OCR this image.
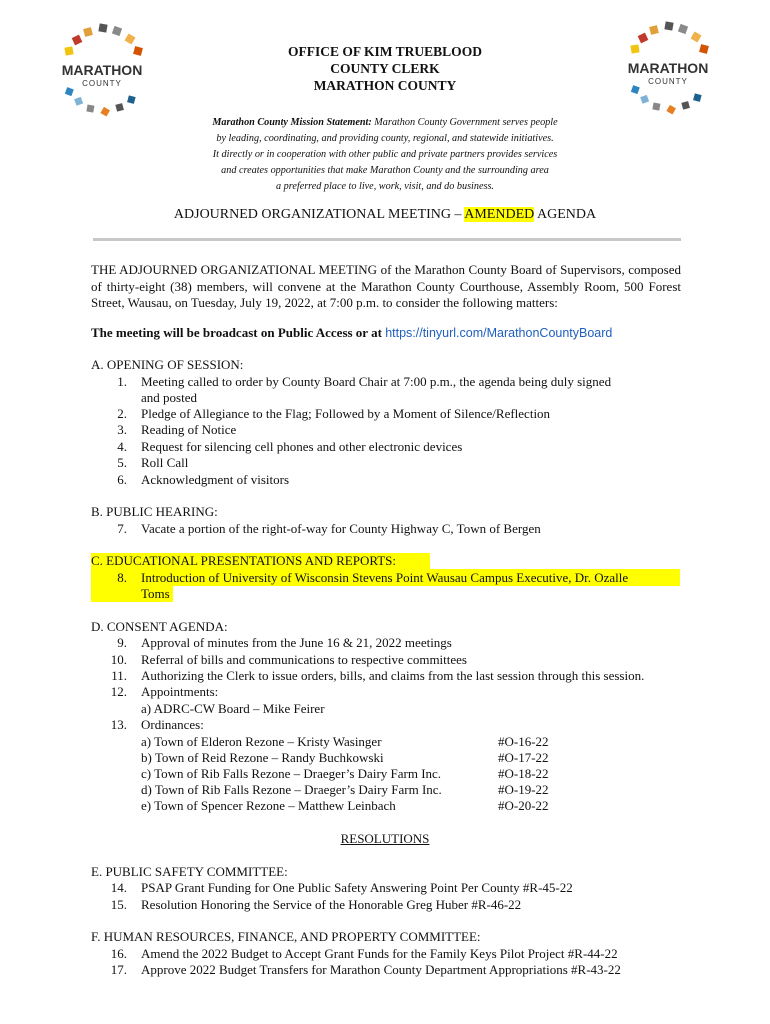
MARATHON
COUNTY
MARATHON
COUNTY
OFFICE OF KIM TRUEBLOOD
COUNTY CLERK
MARATHON COUNTY
Marathon County Mission Statement: Marathon County Government serves people
by leading, coordinating, and providing county, regional, and statewide initiatives.
It directly or in cooperation with other public and private partners provides services
and creates opportunities that make Marathon County and the surrounding area
a preferred place to live, work, visit, and do business.
ADJOURNED ORGANIZATIONAL MEETING – AMENDED AGENDA
THE ADJOURNED ORGANIZATIONAL MEETING of the Marathon County Board of Supervisors, composed of thirty-eight (38) members, will convene at the Marathon County Courthouse, Assembly Room, 500 Forest Street, Wausau, on Tuesday, July 19, 2022, at 7:00 p.m. to consider the following matters:
The meeting will be broadcast on Public Access or at https://tinyurl.com/MarathonCountyBoard
A. OPENING OF SESSION:
1. Meeting called to order by County Board Chair at 7:00 p.m., the agenda being duly signed
and posted
2. Pledge of Allegiance to the Flag; Followed by a Moment of Silence/Reflection
3. Reading of Notice
4. Request for silencing cell phones and other electronic devices
5. Roll Call
6. Acknowledgment of visitors
B. PUBLIC HEARING:
7. Vacate a portion of the right-of-way for County Highway C, Town of Bergen
C. EDUCATIONAL PRESENTATIONS AND REPORTS:
8. Introduction of University of Wisconsin Stevens Point Wausau Campus Executive, Dr. Ozalle
Toms
D. CONSENT AGENDA:
9. Approval of minutes from the June 16 & 21, 2022 meetings
10. Referral of bills and communications to respective committees
11. Authorizing the Clerk to issue orders, bills, and claims from the last session through this session.
12. Appointments:
a) ADRC-CW Board – Mike Feirer
13. Ordinances:
a) Town of Elderon Rezone – Kristy Wasinger	#O-16-22
b) Town of Reid Rezone – Randy Buchkowski	#O-17-22
c) Town of Rib Falls Rezone – Draeger’s Dairy Farm Inc.	#O-18-22
d) Town of Rib Falls Rezone – Draeger’s Dairy Farm Inc.	#O-19-22
e) Town of Spencer Rezone – Matthew Leinbach	#O-20-22
RESOLUTIONS
E. PUBLIC SAFETY COMMITTEE:
14. PSAP Grant Funding for One Public Safety Answering Point Per County #R-45-22
15. Resolution Honoring the Service of the Honorable Greg Huber #R-46-22
F. HUMAN RESOURCES, FINANCE, AND PROPERTY COMMITTEE:
16. Amend the 2022 Budget to Accept Grant Funds for the Family Keys Pilot Project #R-44-22
17. Approve 2022 Budget Transfers for Marathon County Department Appropriations #R-43-22
